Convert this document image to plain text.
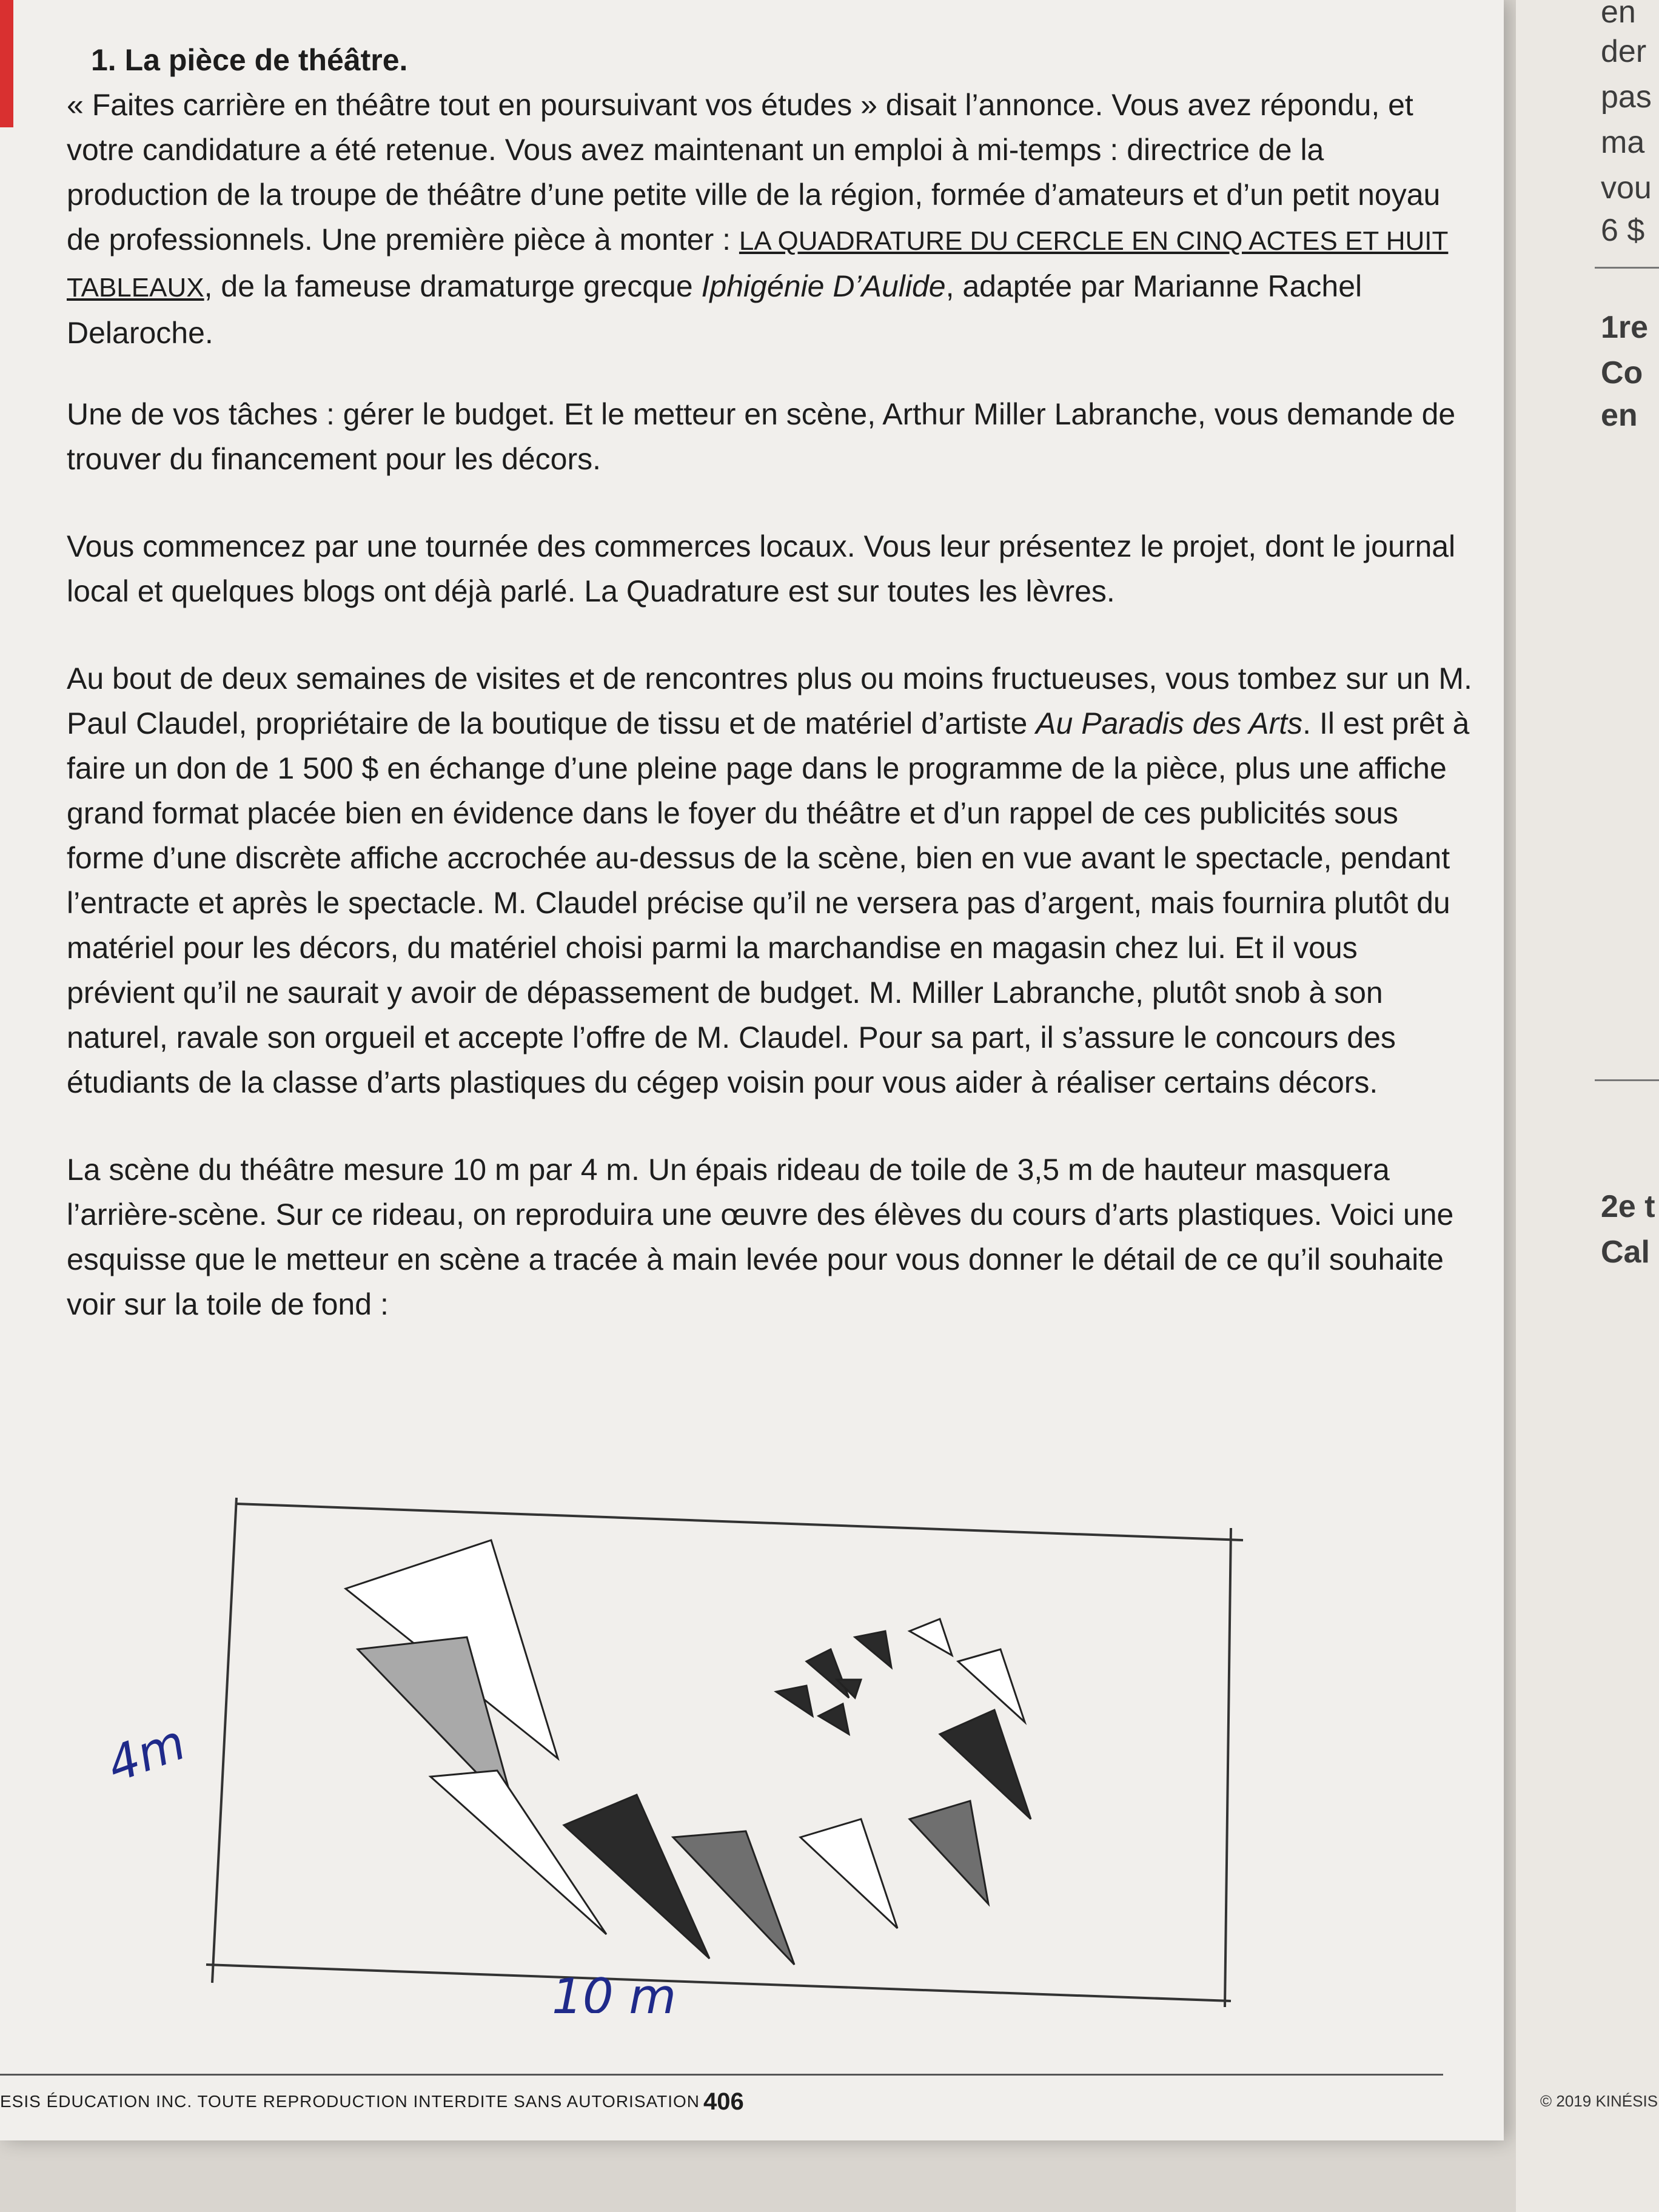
1. La pièce de théâtre.

« Faites carrière en théâtre tout en poursuivant vos études » disait l’annonce. Vous avez répondu, et votre candidature a été retenue. Vous avez maintenant un emploi à mi-temps : directrice de la production de la troupe de théâtre d’une petite ville de la région, formée d’amateurs et d’un petit noyau de professionnels. Une première pièce à monter : LA QUADRATURE DU CERCLE EN CINQ ACTES ET HUIT TABLEAUX, de la fameuse dramaturge grecque Iphigénie D’Aulide, adaptée par Marianne Rachel Delaroche.

Une de vos tâches : gérer le budget. Et le metteur en scène, Arthur Miller Labranche, vous demande de trouver du financement pour les décors.

Vous commencez par une tournée des commerces locaux. Vous leur présentez le projet, dont le journal local et quelques blogs ont déjà parlé. La Quadrature est sur toutes les lèvres.

Au bout de deux semaines de visites et de rencontres plus ou moins fructueuses, vous tombez sur un M. Paul Claudel, propriétaire de la boutique de tissu et de matériel d’artiste Au Paradis des Arts. Il est prêt à faire un don de 1 500 $ en échange d’une pleine page dans le programme de la pièce, plus une affiche grand format placée bien en évidence dans le foyer du théâtre et d’un rappel de ces publicités sous forme d’une discrète affiche accrochée au-dessus de la scène, bien en vue avant le spectacle, pendant l’entracte et après le spectacle. M. Claudel précise qu’il ne versera pas d’argent, mais fournira plutôt du matériel pour les décors, du matériel choisi parmi la marchandise en magasin chez lui. Et il vous prévient qu’il ne saurait y avoir de dépassement de budget. M. Miller Labranche, plutôt snob à son naturel, ravale son orgueil et accepte l’offre de M. Claudel. Pour sa part, il s’assure le concours des étudiants de la classe d’arts plastiques du cégep voisin pour vous aider à réaliser certains décors.

La scène du théâtre mesure 10 m par 4 m. Un épais rideau de toile de 3,5 m de hauteur masquera l’arrière-scène. Sur ce rideau, on reproduira une œuvre des élèves du cours d’arts plastiques. Voici une esquisse que le metteur en scène a tracée à main levée pour vous donner le détail de ce qu’il souhaite voir sur la toile de fond :

4m
10 m
ESIS ÉDUCATION INC. TOUTE REPRODUCTION INTERDITE SANS AUTORISATION 406
en
der
pas
ma
vou
6 $
1re
Co
en
2e t
Cal
© 2019 KINÉSIS
